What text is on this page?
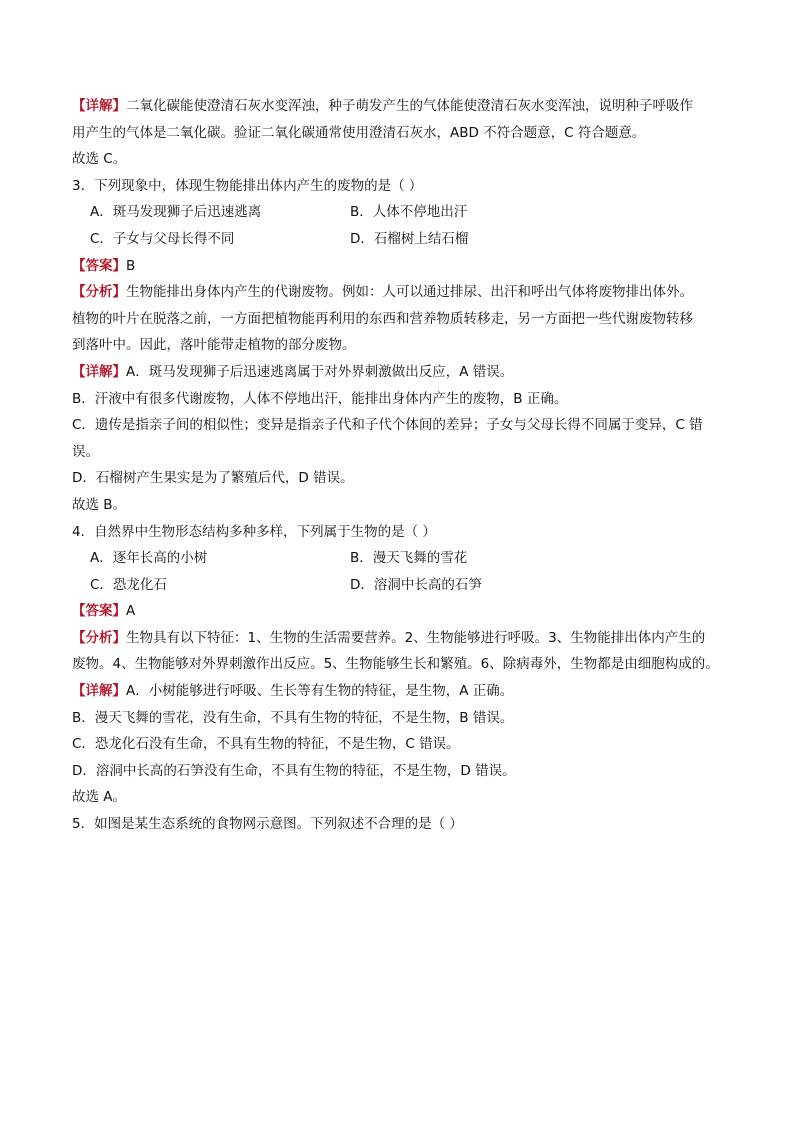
【详解】二氧化碳能使澄清石灰水变浑浊，种子萌发产生的气体能使澄清石灰水变浑浊，说明种子呼吸作
用产生的气体是二氧化碳。验证二氧化碳通常使用澄清石灰水，ABD 不符合题意，C 符合题意。
故选 C。
3．下列现象中，体现生物能排出体内产生的废物的是（ ）
A．斑马发现狮子后迅速逃离	B．人体不停地出汗
C．子女与父母长得不同	D．石榴树上结石榴
【答案】B
【分析】生物能排出身体内产生的代谢废物。例如：人可以通过排尿、出汗和呼出气体将废物排出体外。
植物的叶片在脱落之前，一方面把植物能再利用的东西和营养物质转移走，另一方面把一些代谢废物转移
到落叶中。因此，落叶能带走植物的部分废物。
【详解】A．斑马发现狮子后迅速逃离属于对外界刺激做出反应，A 错误。
B．汗液中有很多代谢废物，人体不停地出汗，能排出身体内产生的废物，B 正确。
C．遗传是指亲子间的相似性；变异是指亲子代和子代个体间的差异；子女与父母长得不同属于变异，C 错
误。
D．石榴树产生果实是为了繁殖后代，D 错误。
故选 B。
4．自然界中生物形态结构多种多样，下列属于生物的是（ ）
A．逐年长高的小树	B．漫天飞舞的雪花
C．恐龙化石	D．溶洞中长高的石笋
【答案】A
【分析】生物具有以下特征：1、生物的生活需要营养。2、生物能够进行呼吸。3、生物能排出体内产生的
废物。4、生物能够对外界刺激作出反应。5、生物能够生长和繁殖。6、除病毒外，生物都是由细胞构成的。
【详解】A．小树能够进行呼吸、生长等有生物的特征，是生物，A 正确。
B．漫天飞舞的雪花，没有生命，不具有生物的特征，不是生物，B 错误。
C．恐龙化石没有生命，不具有生物的特征，不是生物，C 错误。
D．溶洞中长高的石笋没有生命，不具有生物的特征，不是生物，D 错误。
故选 A。
5．如图是某生态系统的食物网示意图。下列叙述不合理的是（ ）
